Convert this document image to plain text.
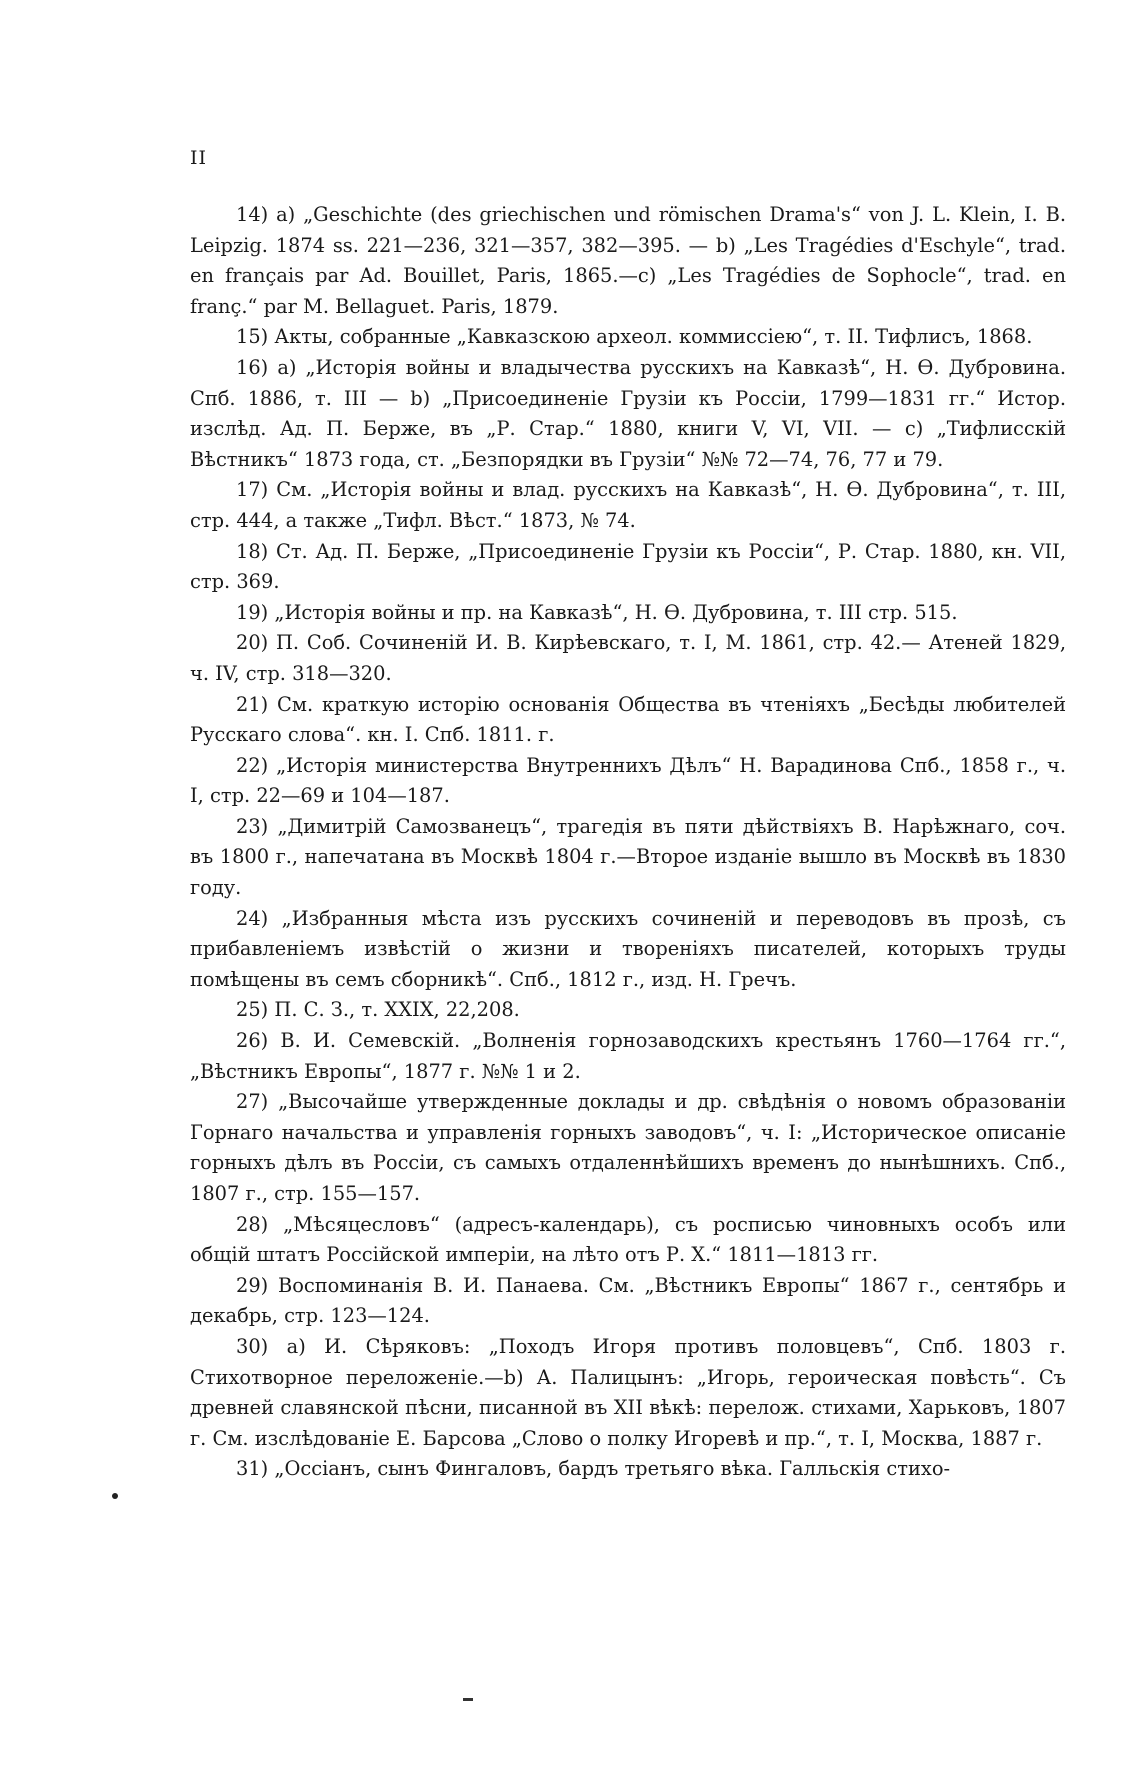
II

14) a) „Geschichte (des griechischen und römischen Drama's“ von J. L. Klein, I. B. Leipzig. 1874 ss. 221—236, 321—357, 382—395. — b) „Les Tragédies d'Eschyle“, trad. en français par Ad. Bouillet, Paris, 1865.—c) „Les Tragédies de Sophocle“, trad. en franç.“ par M. Bellaguet. Paris, 1879.

15) Акты, собранные „Кавказскою археол. коммиссіею“, т. II. Тифлисъ, 1868.

16) a) „Исторія войны и владычества русскихъ на Кавказѣ“, Н. Ѳ. Дубровина. Спб. 1886, т. III — b) „Присоединеніе Грузіи къ Россіи, 1799—1831 гг.“ Истор. изслѣд. Ад. П. Берже, въ „Р. Стар.“ 1880, книги V, VI, VII. — c) „Тифлисскій Вѣстникъ“ 1873 года, ст. „Безпорядки въ Грузіи“ №№ 72—74, 76, 77 и 79.

17) См. „Исторія войны и влад. русскихъ на Кавказѣ“, Н. Ѳ. Дубровина“, т. III, стр. 444, а также „Тифл. Вѣст.“ 1873, № 74.

18) Ст. Ад. П. Берже, „Присоединеніе Грузіи къ Россіи“, Р. Стар. 1880, кн. VII, стр. 369.

19) „Исторія войны и пр. на Кавказѣ“, Н. Ѳ. Дубровина, т. III стр. 515.

20) П. Соб. Сочиненій И. В. Кирѣевскаго, т. I, М. 1861, стр. 42.— Атеней 1829, ч. IV, стр. 318—320.

21) См. краткую исторію основанія Общества въ чтеніяхъ „Бесѣды любителей Русскаго слова“. кн. I. Спб. 1811. г.

22) „Исторія министерства Внутреннихъ Дѣлъ“ Н. Варадинова Спб., 1858 г., ч. I, стр. 22—69 и 104—187.

23) „Димитрій Самозванецъ“, трагедія въ пяти дѣйствіяхъ В. Нарѣжнаго, соч. въ 1800 г., напечатана въ Москвѣ 1804 г.—Второе изданіе вышло въ Москвѣ въ 1830 году.

24) „Избранныя мѣста изъ русскихъ сочиненій и переводовъ въ прозѣ, съ прибавленіемъ извѣстій о жизни и твореніяхъ писателей, которыхъ труды помѣщены въ семъ сборникѣ“. Спб., 1812 г., изд. Н. Гречъ.

25) П. С. З., т. XXIX, 22,208.

26) В. И. Семевскій. „Волненія горнозаводскихъ крестьянъ 1760—1764 гг.“, „Вѣстникъ Европы“, 1877 г. №№ 1 и 2.

27) „Высочайше утвержденные доклады и др. свѣдѣнія о новомъ образованіи Горнаго начальства и управленія горныхъ заводовъ“, ч. I: „Историческое описаніе горныхъ дѣлъ въ Россіи, съ самыхъ отдаленнѣйшихъ временъ до нынѣшнихъ. Спб., 1807 г., стр. 155—157.

28) „Мѣсяцесловъ“ (адресъ-календарь), съ росписью чиновныхъ особъ или общій штатъ Россійской имперіи, на лѣто отъ Р. Х.“ 1811—1813 гг.

29) Воспоминанія В. И. Панаева. См. „Вѣстникъ Европы“ 1867 г., сентябрь и декабрь, стр. 123—124.

30) a) И. Сѣряковъ: „Походъ Игоря противъ половцевъ“, Спб. 1803 г. Стихотворное переложеніе.—b) А. Палицынъ: „Игорь, героическая повѣсть“. Съ древней славянской пѣсни, писанной въ XII вѣкѣ: перелож. стихами, Харьковъ, 1807 г. См. изслѣдованіе Е. Барсова „Слово о полку Игоревѣ и пр.“, т. I, Москва, 1887 г.

31) „Оссіанъ, сынъ Фингаловъ, бардъ третьяго вѣка. Галльскія стихо-
